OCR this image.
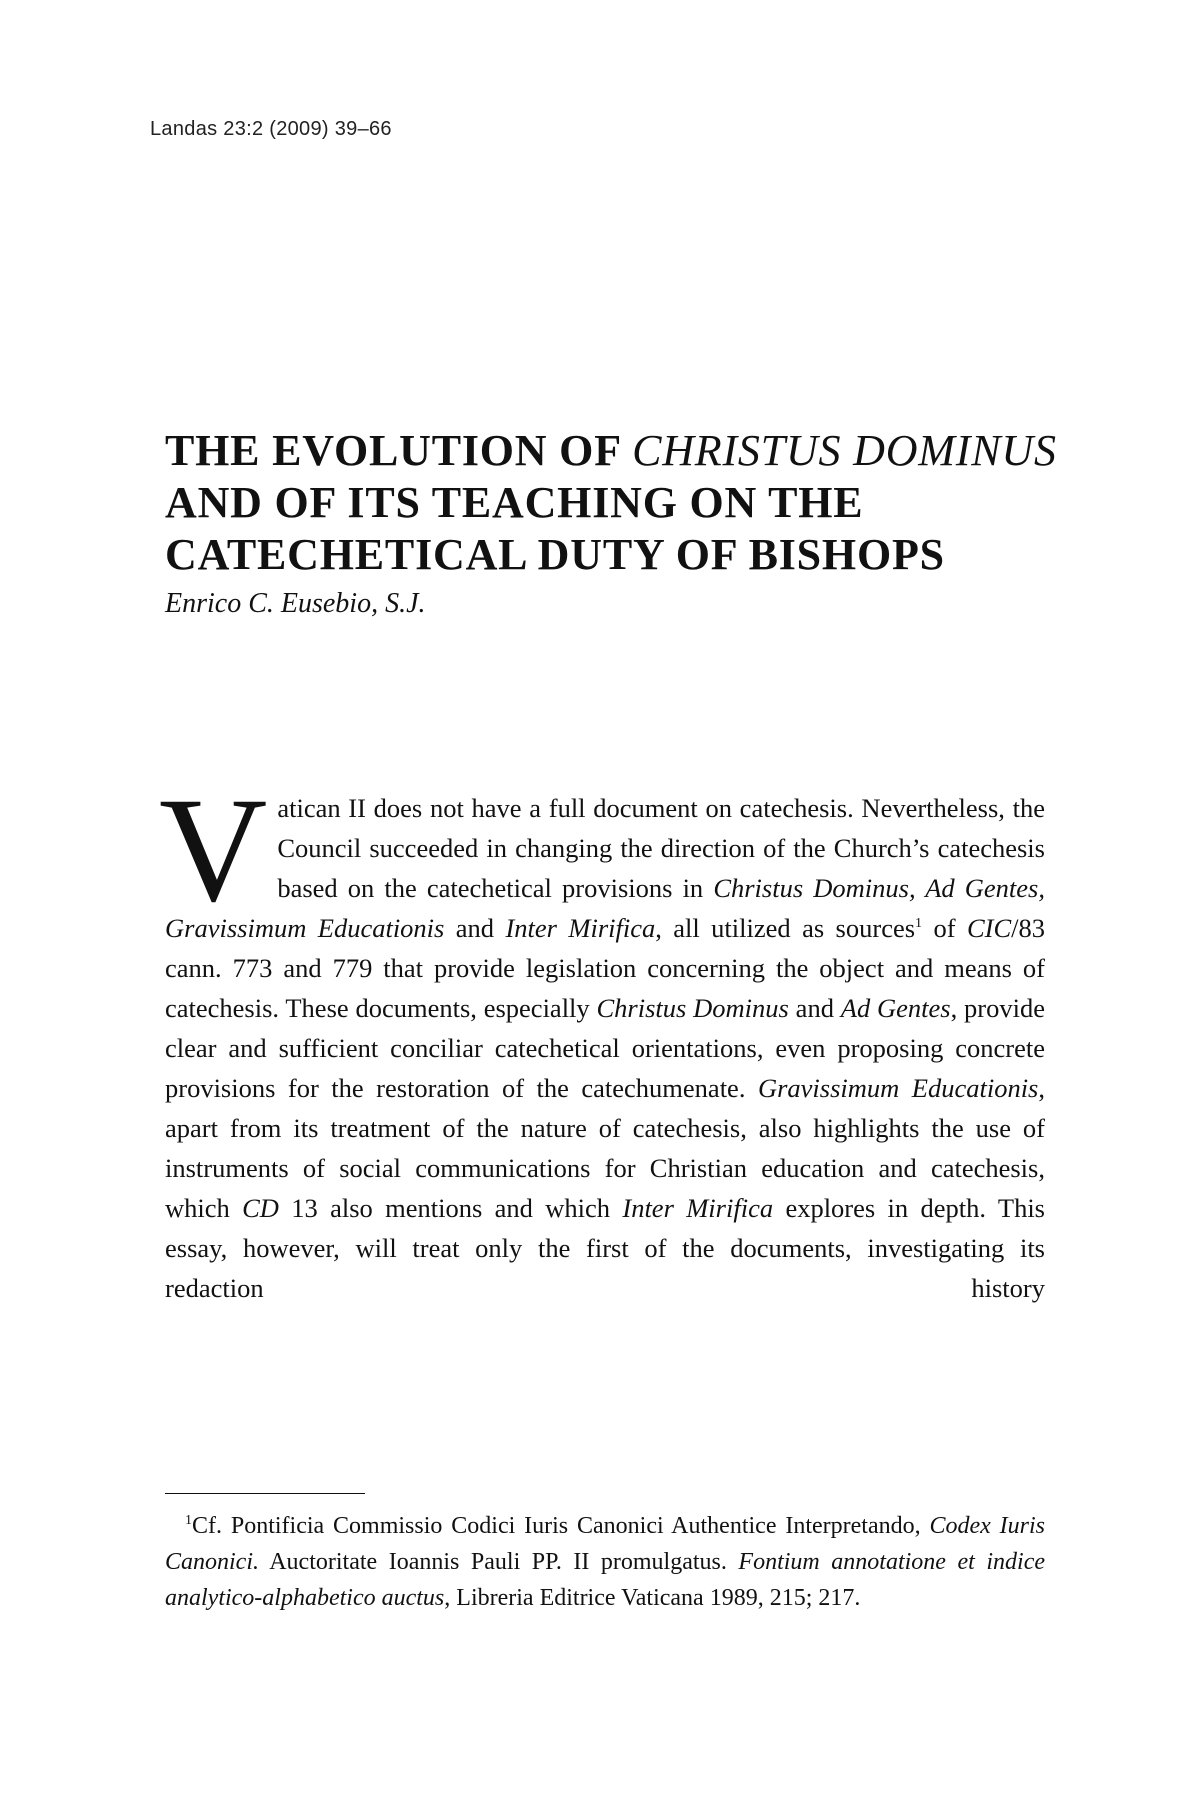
Landas 23:2 (2009) 39–66
THE EVOLUTION OF CHRISTUS DOMINUS AND OF ITS TEACHING ON THE CATECHETICAL DUTY OF BISHOPS
Enrico C. Eusebio, S.J.

Vatican II does not have a full document on catechesis. Nevertheless, the Council succeeded in changing the direction of the Church’s catechesis based on the catechetical provisions in Christus Dominus, Ad Gentes, Gravissimum Educationis and Inter Mirifica, all utilized as sources$^1$ of CIC/83 cann. 773 and 779 that provide legislation concerning the object and means of catechesis. These documents, especially Christus Dominus and Ad Gentes, provide clear and sufficient conciliar catechetical orientations, even proposing concrete provisions for the restoration of the catechumenate. Gravissimum Educationis, apart from its treatment of the nature of catechesis, also highlights the use of instruments of social communications for Christian education and catechesis, which CD 13 also mentions and which Inter Mirifica explores in depth. This essay, however, will treat only the first of the documents, investigating its redaction history

$^1$Cf. Pontificia Commissio Codici Iuris Canonici Authentice Interpretando, Codex Iuris Canonici. Auctoritate Ioannis Pauli PP. II promulgatus. Fontium annotatione et indice analytico-alphabetico auctus, Libreria Editrice Vaticana 1989, 215; 217.
